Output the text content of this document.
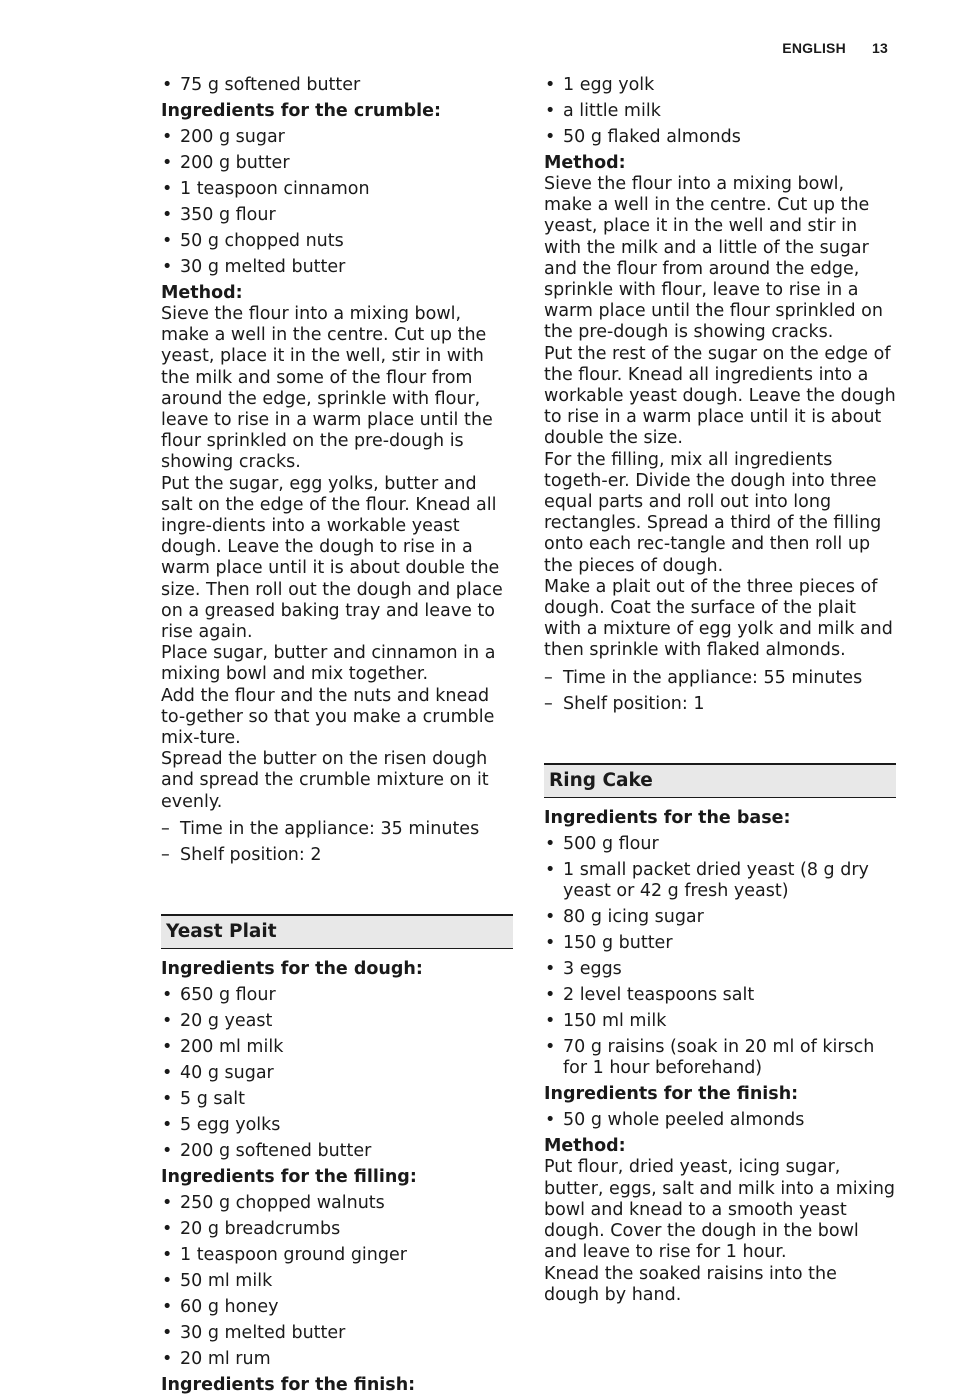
ENGLISH 13
• 75 g softened butter

Ingredients for the crumble:

• 200 g sugar
• 200 g butter
• 1 teaspoon cinnamon
• 350 g flour
• 50 g chopped nuts
• 30 g melted butter

Method:

Sieve the flour into a mixing bowl, make a well in the centre. Cut up the yeast, place it in the well, stir in with the milk and some of the flour from around the edge, sprinkle with flour, leave to rise in a warm place until the flour sprinkled on the pre-dough is showing cracks.

Put the sugar, egg yolks, butter and salt on the edge of the flour. Knead all ingre-dients into a workable yeast dough. Leave the dough to rise in a warm place until it is about double the size. Then roll out the dough and place on a greased baking tray and leave to rise again.

Place sugar, butter and cinnamon in a mixing bowl and mix together.

Add the flour and the nuts and knead to-gether so that you make a crumble mix-ture.

Spread the butter on the risen dough and spread the crumble mixture on it evenly.

– Time in the appliance: 35 minutes
– Shelf position: 2
Yeast Plait

Ingredients for the dough:

• 650 g flour
• 20 g yeast
• 200 ml milk
• 40 g sugar
• 5 g salt
• 5 egg yolks
• 200 g softened butter

Ingredients for the filling:

• 250 g chopped walnuts
• 20 g breadcrumbs
• 1 teaspoon ground ginger
• 50 ml milk
• 60 g honey
• 30 g melted butter
• 20 ml rum

Ingredients for the finish:

• 1 egg yolk
• a little milk
• 50 g flaked almonds

Method:

Sieve the flour into a mixing bowl, make a well in the centre. Cut up the yeast, place it in the well and stir in with the milk and a little of the sugar and the flour from around the edge, sprinkle with flour, leave to rise in a warm place until the flour sprinkled on the pre-dough is showing cracks.

Put the rest of the sugar on the edge of the flour. Knead all ingredients into a workable yeast dough. Leave the dough to rise in a warm place until it is about double the size.

For the filling, mix all ingredients togeth-er. Divide the dough into three equal parts and roll out into long rectangles. Spread a third of the filling onto each rec-tangle and then roll up the pieces of dough.

Make a plait out of the three pieces of dough. Coat the surface of the plait with a mixture of egg yolk and milk and then sprinkle with flaked almonds.

– Time in the appliance: 55 minutes
– Shelf position: 1
Ring Cake

Ingredients for the base:

• 500 g flour
• 1 small packet dried yeast (8 g dry yeast or 42 g fresh yeast)
• 80 g icing sugar
• 150 g butter
• 3 eggs
• 2 level teaspoons salt
• 150 ml milk
• 70 g raisins (soak in 20 ml of kirsch for 1 hour beforehand)

Ingredients for the finish:

• 50 g whole peeled almonds

Method:

Put flour, dried yeast, icing sugar, butter, eggs, salt and milk into a mixing bowl and knead to a smooth yeast dough. Cover the dough in the bowl and leave to rise for 1 hour.

Knead the soaked raisins into the dough by hand.
